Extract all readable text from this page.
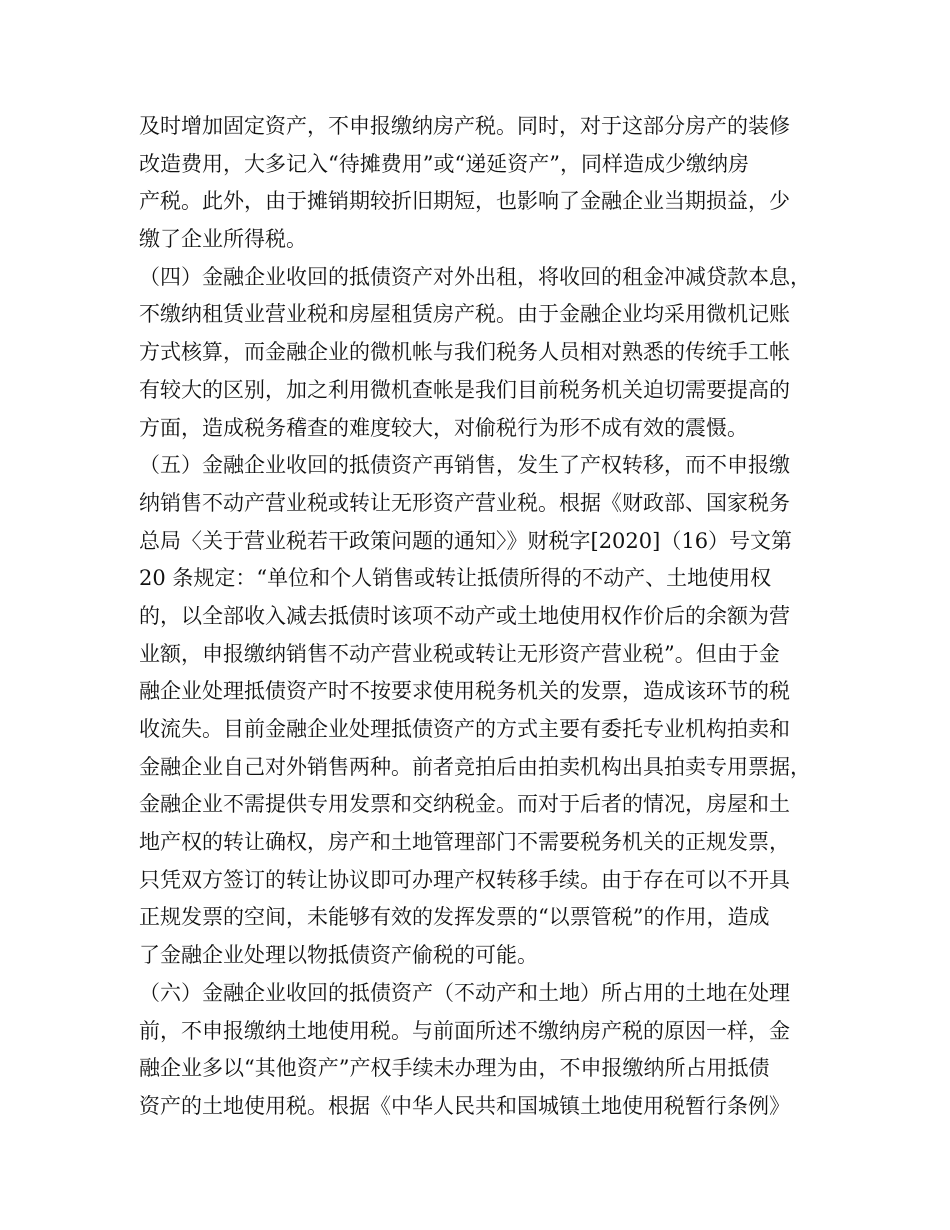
及时增加固定资产，不申报缴纳房产税。同时，对于这部分房产的装修
改造费用，大多记入“待摊费用”或“递延资产”，同样造成少缴纳房
产税。此外，由于摊销期较折旧期短，也影响了金融企业当期损益，少
缴了企业所得税。
（四）金融企业收回的抵债资产对外出租，将收回的租金冲减贷款本息，
不缴纳租赁业营业税和房屋租赁房产税。由于金融企业均采用微机记账
方式核算，而金融企业的微机帐与我们税务人员相对熟悉的传统手工帐
有较大的区别，加之利用微机查帐是我们目前税务机关迫切需要提高的
方面，造成税务稽查的难度较大，对偷税行为形不成有效的震慑。
（五）金融企业收回的抵债资产再销售，发生了产权转移，而不申报缴
纳销售不动产营业税或转让无形资产营业税。根据《财政部、国家税务
总局〈关于营业税若干政策问题的通知〉》财税字[2020]（16）号文第
20 条规定：“单位和个人销售或转让抵债所得的不动产、土地使用权
的，以全部收入减去抵债时该项不动产或土地使用权作价后的余额为营
业额，申报缴纳销售不动产营业税或转让无形资产营业税”。但由于金
融企业处理抵债资产时不按要求使用税务机关的发票，造成该环节的税
收流失。目前金融企业处理抵债资产的方式主要有委托专业机构拍卖和
金融企业自己对外销售两种。前者竞拍后由拍卖机构出具拍卖专用票据，
金融企业不需提供专用发票和交纳税金。而对于后者的情况，房屋和土
地产权的转让确权，房产和土地管理部门不需要税务机关的正规发票，
只凭双方签订的转让协议即可办理产权转移手续。由于存在可以不开具
正规发票的空间，未能够有效的发挥发票的“以票管税”的作用，造成
了金融企业处理以物抵债资产偷税的可能。
（六）金融企业收回的抵债资产（不动产和土地）所占用的土地在处理
前，不申报缴纳土地使用税。与前面所述不缴纳房产税的原因一样，金
融企业多以“其他资产”产权手续未办理为由，不申报缴纳所占用抵债
资产的土地使用税。根据《中华人民共和国城镇土地使用税暂行条例》
